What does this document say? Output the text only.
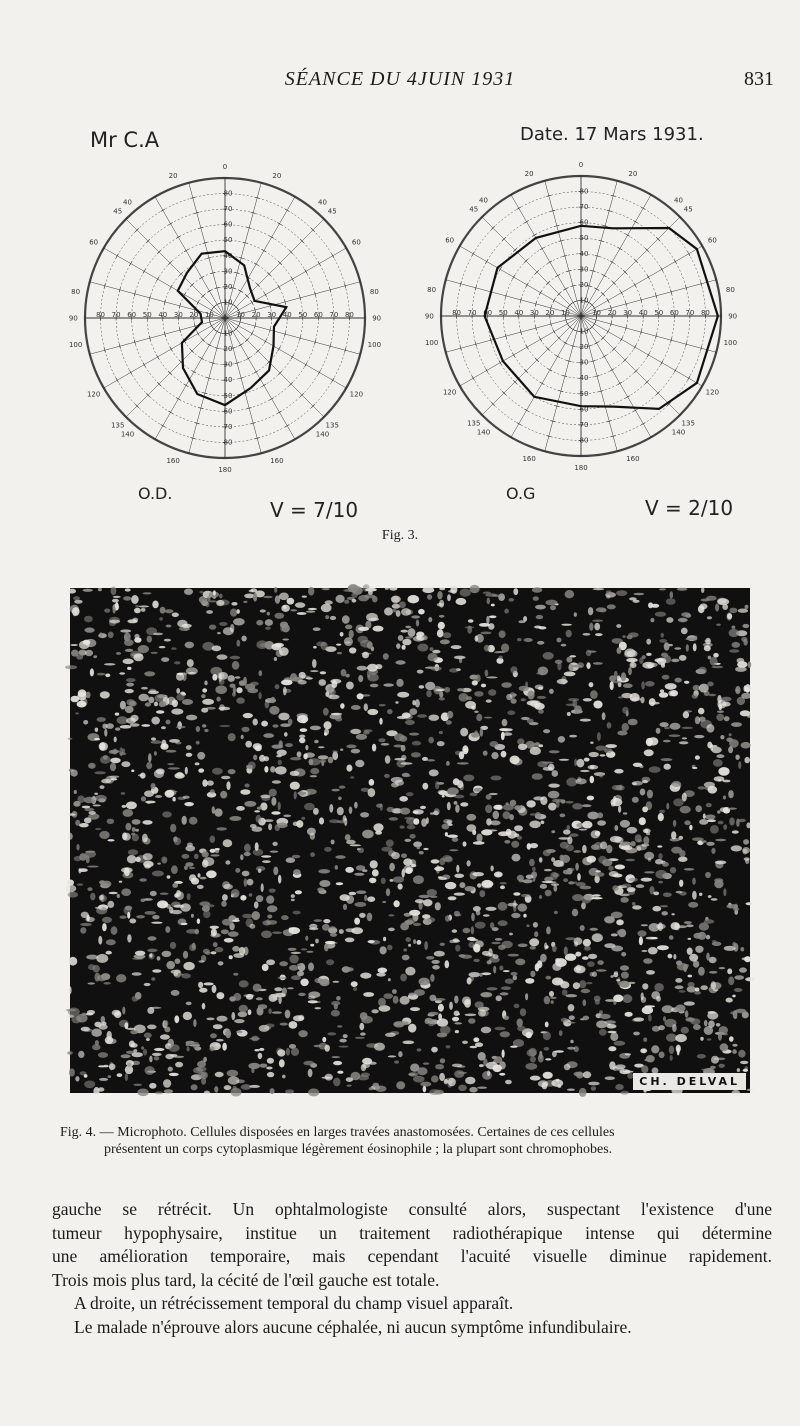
SÉANCE DU 4JUIN 1931	831
Mr C.A	Date. 17 Mars 1931.
0
20
20
40
40
45
45
60
60
80
80
90
90
100
100
120
120
135
135
140
140
160
160
180
10
10
10
10
20
20
20
20
30
30
30
30
40
40
40
40
50
50
50
50
60
60
60
60
70
70
70
70
80
80
80
80
0
20
20
40
40
45
45
60
60
80
80
90
90
100
100
120
120
135
135
140
140
160
160
180
10
10
10
10
20
20
20
20
30
30
30
30
40
40
40
40
50
50
50
50
60
60
60
60
70
70
70
70
80
80
80
80
O.D.	O.G
V = 7/10	V = 2/10
Fig. 3.
CH. DELVAL
Fig. 4. — Microphoto. Cellules disposées en larges travées anastomosées. Certaines de ces cellules
présentent un corps cytoplasmique légèrement éosinophile ; la plupart sont chromophobes.

gauche se rétrécit. Un ophtalmologiste consulté alors, suspectant l'existence d'une

tumeur hypophysaire, institue un traitement radiothérapique intense qui détermine

une amélioration temporaire, mais cependant l'acuité visuelle diminue rapidement.

Trois mois plus tard, la cécité de l'œil gauche est totale.

A droite, un rétrécissement temporal du champ visuel apparaît.

Le malade n'éprouve alors aucune céphalée, ni aucun symptôme infundibulaire.
